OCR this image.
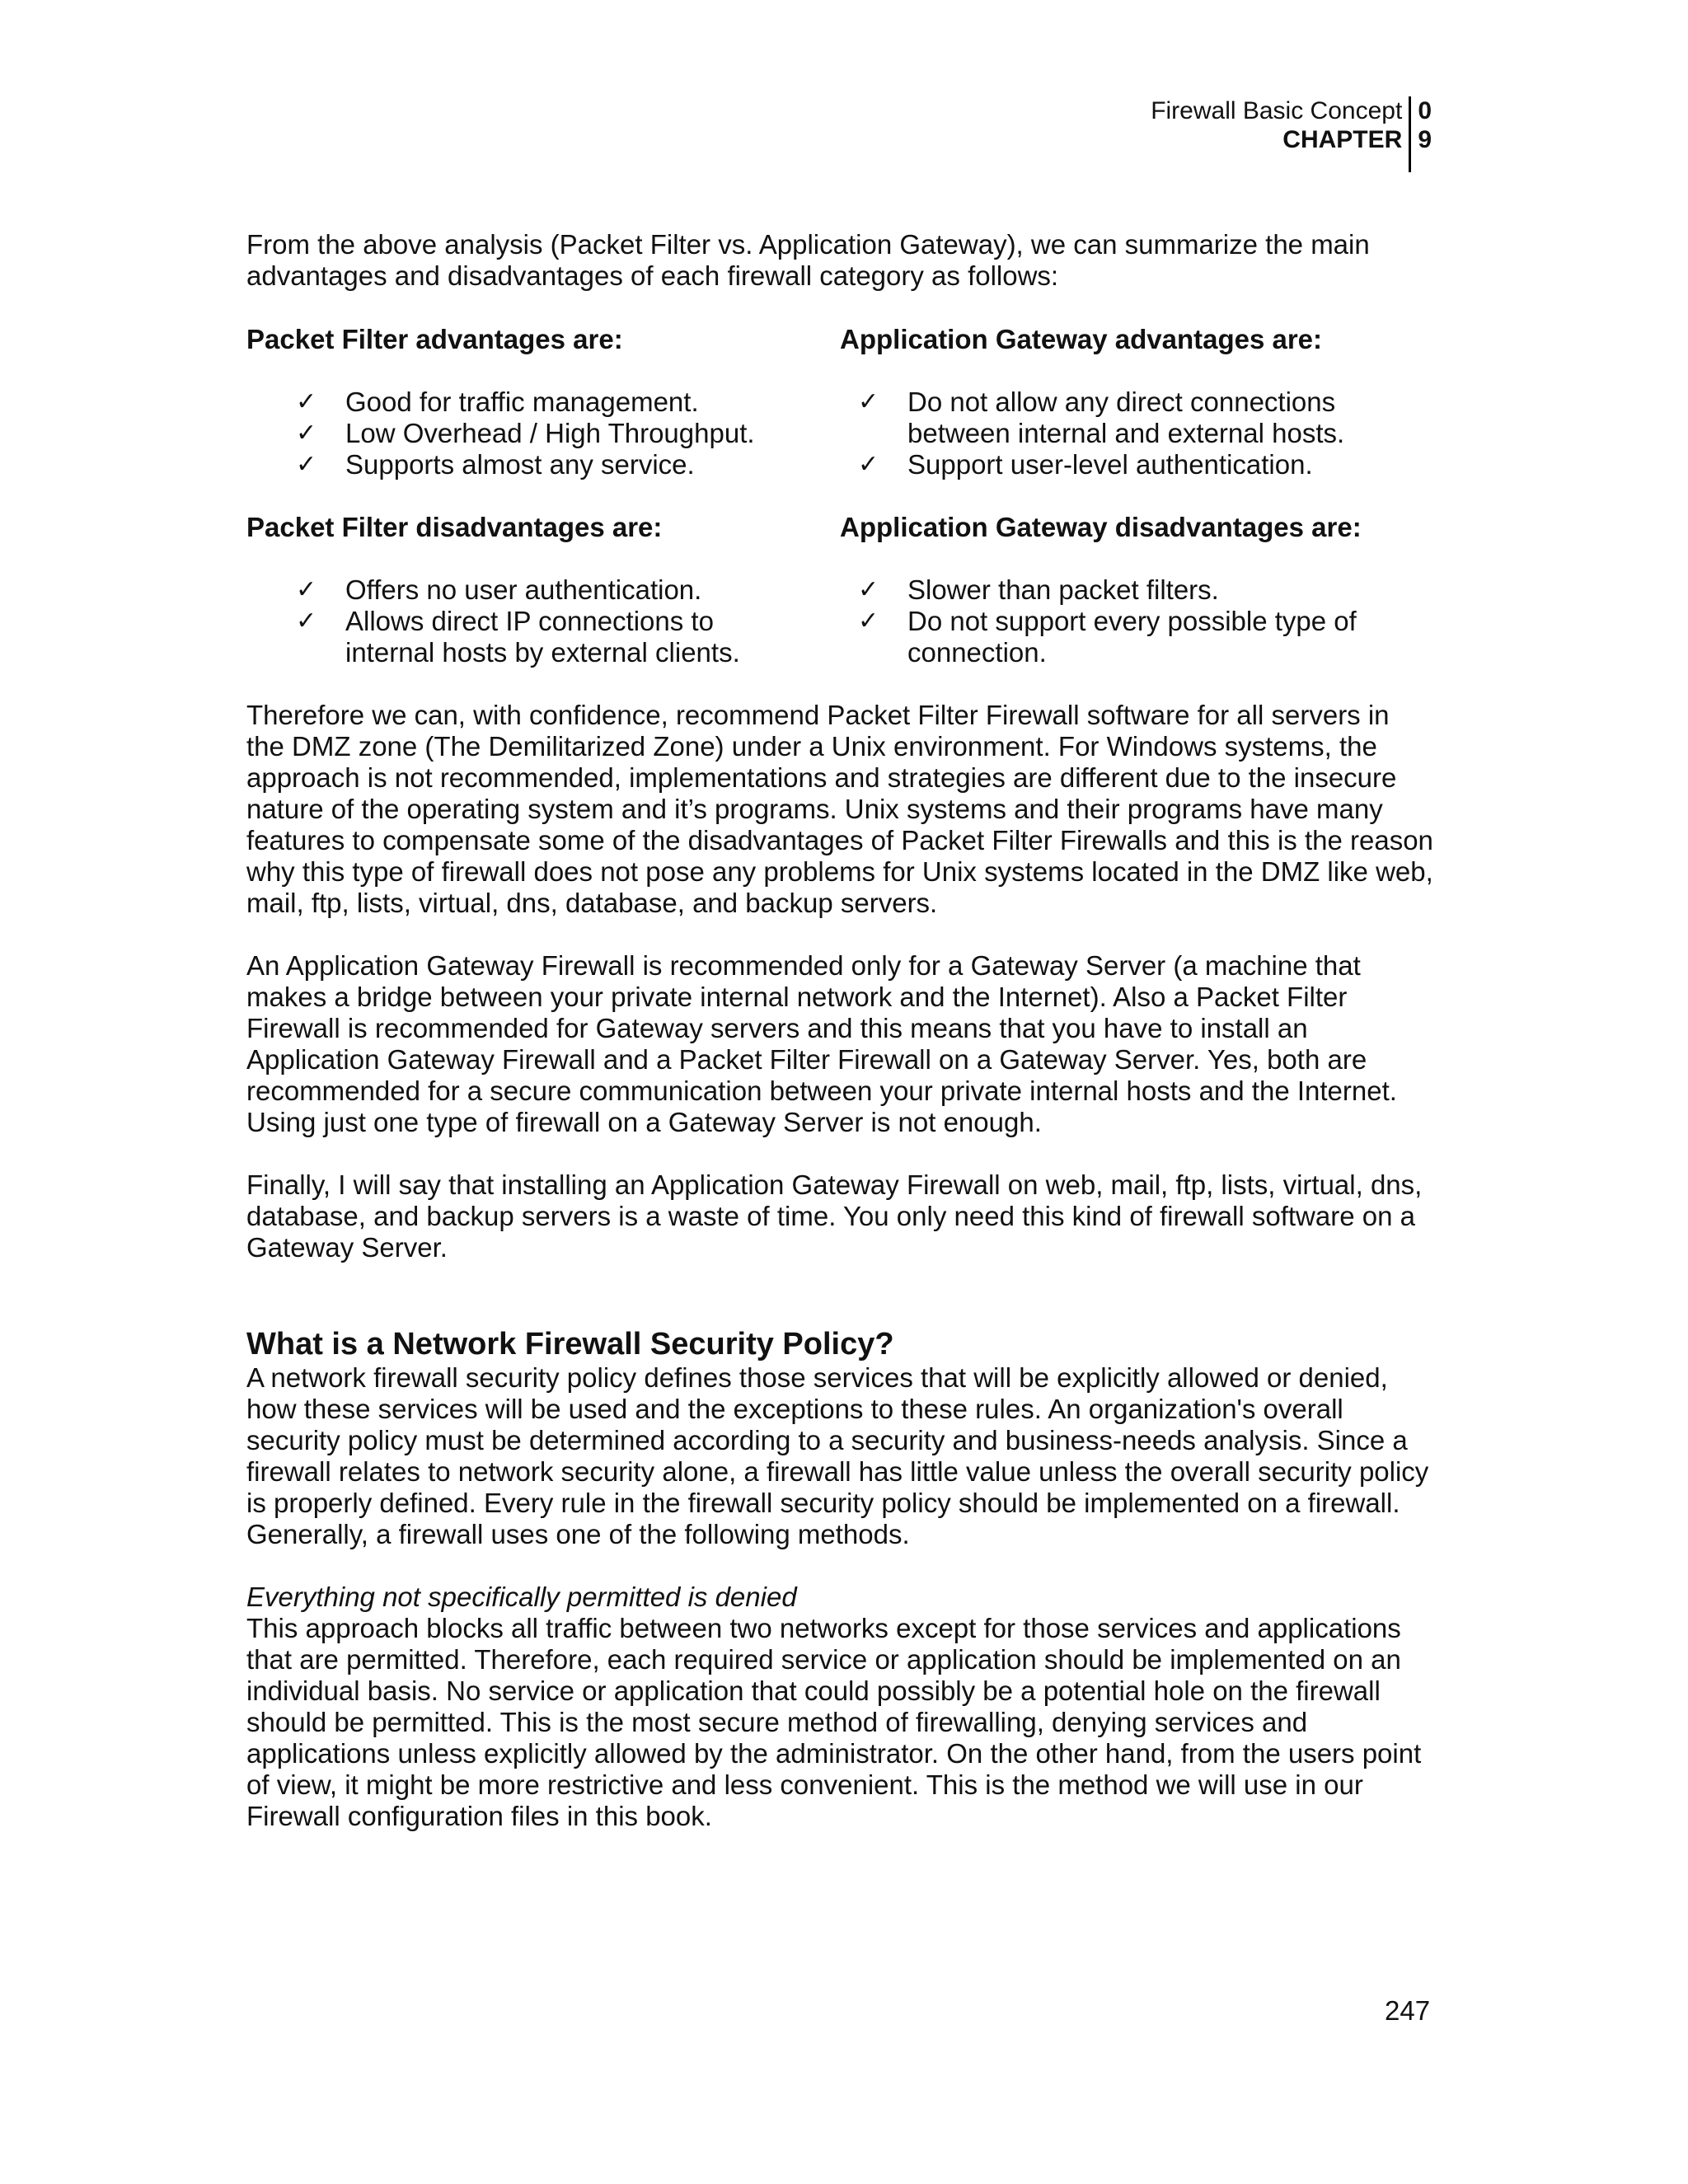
Firewall Basic Concept
CHAPTER
0
9

From the above analysis (Packet Filter vs. Application Gateway), we can summarize the main advantages and disadvantages of each firewall category as follows:

Packet Filter advantages are:
✓ Good for traffic management.
✓ Low Overhead / High Throughput.
✓ Supports almost any service.
Packet Filter disadvantages are:
✓ Offers no user authentication.
✓ Allows direct IP connections to internal hosts by external clients.
Application Gateway advantages are:
✓ Do not allow any direct connections between internal and external hosts.
✓ Support user-level authentication.
Application Gateway disadvantages are:
✓ Slower than packet filters.
✓ Do not support every possible type of connection.

Therefore we can, with confidence, recommend Packet Filter Firewall software for all servers in the DMZ zone (The Demilitarized Zone) under a Unix environment. For Windows systems, the approach is not recommended, implementations and strategies are different due to the insecure nature of the operating system and it’s programs. Unix systems and their programs have many features to compensate some of the disadvantages of Packet Filter Firewalls and this is the reason why this type of firewall does not pose any problems for Unix systems located in the DMZ like web, mail, ftp, lists, virtual, dns, database, and backup servers.

An Application Gateway Firewall is recommended only for a Gateway Server (a machine that makes a bridge between your private internal network and the Internet). Also a Packet Filter Firewall is recommended for Gateway servers and this means that you have to install an Application Gateway Firewall and a Packet Filter Firewall on a Gateway Server. Yes, both are recommended for a secure communication between your private internal hosts and the Internet. Using just one type of firewall on a Gateway Server is not enough.

Finally, I will say that installing an Application Gateway Firewall on web, mail, ftp, lists, virtual, dns, database, and backup servers is a waste of time. You only need this kind of firewall software on a Gateway Server.

What is a Network Firewall Security Policy?

A network firewall security policy defines those services that will be explicitly allowed or denied, how these services will be used and the exceptions to these rules. An organization's overall security policy must be determined according to a security and business-needs analysis. Since a firewall relates to network security alone, a firewall has little value unless the overall security policy is properly defined. Every rule in the firewall security policy should be implemented on a firewall. Generally, a firewall uses one of the following methods.

Everything not specifically permitted is denied

This approach blocks all traffic between two networks except for those services and applications that are permitted. Therefore, each required service or application should be implemented on an individual basis. No service or application that could possibly be a potential hole on the firewall should be permitted. This is the most secure method of firewalling, denying services and applications unless explicitly allowed by the administrator. On the other hand, from the users point of view, it might be more restrictive and less convenient. This is the method we will use in our Firewall configuration files in this book.

247
